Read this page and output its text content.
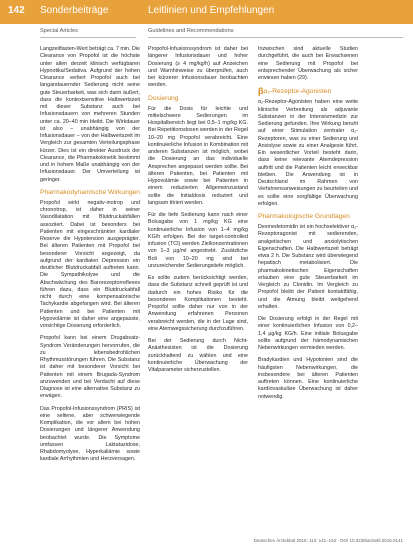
142 Sonderbeiträge	Leitlinien und Empfehlungen
Special Articles	Guidelines and Recommendations

Langzeitfasten-Wert beträgt ca. 7 min. Die Clearance von Propofol ist die höchste unter allen derzeit klinisch verfügbaren Hypnotika/Sedativa. Aufgrund der hohen Clearance verliert Propofol auch bei langandauernder Sedierung nicht seine gute Steuerbarkeit, was sich darin äußert, dass die kontextsensitive Halbwertszeit mit dieser Substanz auch bei Infusionsdauern von mehreren Stunden unter ca. 20–40 min bleibt. Die Wirkdauer ist also – unabhängig von der Infusionsdauer – von der Halbwertszeit im Vergleich zur gesamten Verteilungsphase kürzer. Dies ist ein direkter Ausdruck der Clearance, die Pharmakokinetik bestimmt und in hohem Maße unabhängig von der Infusionsdauer. Der Umverteilung ist geringer.

Pharmakodynamische Wirkungen

Propofol wirkt negativ-inotrop und chronotrop, ist daher in seiner Vasodilatation mit Blutdruckabfällen assoziiert. Dabei ist besonders bei Patienten mit eingeschränkter kardialer Reserve die Hypotension ausgeprägter. Bei älteren Patienten mit Propofol bei besonderer Vorsicht angezeigt, da aufgrund der kardialen Depression ein deutlicher Blutdruckabfall auftreten kann. Die Sympathikolyse und die Abschwächung des Barorezeptorreflexes führen dazu, dass ein Blutdruckabfall nicht durch eine kompensatorische Tachykardie abgefangen wird. Bei älteren Patienten und bei Patienten mit Hypovolämie ist daher eine angepasste, vorsichtige Dosierung erforderlich.

Propofol kann bei einem Drugabsatz-Syndrom Veränderungen hervorrufen, die zu lebensbedrohlichen Rhythmusstörungen führen. Die Substanz ist daher mit besonderer Vorsicht bei Patienten mit einem Brugada-Syndrom anzuwenden und bei Verdacht auf diese Diagnose ist eine alternative Substanz zu erwägen.

Das Propofol-Infusionssyndrom (PRIS) ist eine seltene, aber schwerwiegende Komplikation, die vor allem bei hohen Dosierungen und längerer Anwendung beobachtet wurde. Die Symptome umfassen Laktatazidose, Rhabdomyolyse, Hyperkaliämie sowie kardiale Arrhythmien und Herzversagen.

Propofol-Infusionssyndrom ist daher bei längerer Infusionsdauer und hoher Dosierung (≥ 4 mg/kg/h) auf Anzeichen und Warnhinweise zu überprüfen, auch bei kürzerer Infusionsdauer beobachten werden.

Dosierung

Für die Dosis für leichte und mittelschwere Sedierungen im Hospitalbereich liegt bei 0,5–1 mg/kg KG. Bei Repetitionsdosen werden in der Regel 10–20 mg Propofol verabreicht. Eine kontinuierliche Infusion in Kombination mit anderen Substanzen ist möglich, wobei die Dosierung an das individuelle Ansprechen angepasst werden sollte. Bei älteren Patienten, bei Patienten mit Hypovolämie sowie bei Patienten in einem reduzierten Allgemeinzustand sollte die Initialdosis reduziert und langsam titriert werden.

Für die tiefe Sedierung kann nach einer Bolusgabe von 1 mg/kg KG eine kontinuierliche Infusion von 1–4 mg/kg KG/h erfolgen. Bei der target-controlled infusion (TCI) werden Zielkonzentrationen von 1–3 µg/ml angestrebt. Zusätzliche Boli von 10–20 mg sind bei unzureichender Sedierungstiefe möglich.

Es sollte zudem berücksichtigt werden, dass die Substanz schnell geprüft ist und dadurch ein hohes Risiko für die besonderen Komplikationen besteht. Propofol sollte daher nur von in der Anwendung erfahrenen Personen verabreicht werden, die in der Lage sind, eine Atemwegssicherung durchzuführen.

Bei der Sedierung durch Nicht-Anästhesisten ist die Dosierung zurückhaltend zu wählen und eine kontinuierliche Überwachung der Vitalparameter sicherzustellen.

Inzwischen sind aktuelle Studien durchgeführt, die auch bei Erwachsenen eine Sedierung mit Propofol bei entsprechender Überwachung als sicher erwiesen haben (29).

βα₂-Rezeptor-Agonisten

α₂-Rezeptor-Agonisten haben eine weite klinische Verbreitung als adjuvante Substanzen in der Intensivmedizin zur Sedierung gefunden. Ihre Wirkung beruht auf einer Stimulation zentraler α₂-Rezeptoren, was zu einer Sedierung und Anxiolyse sowie zu einer Analgesie führt. Ein wesentlicher Vorteil besteht darin, dass keine relevante Atemdepression auftritt und die Patienten leicht erweckbar bleiben. Die Anwendung ist in Deutschland im Rahmen von Verfahrensanweisungen zu beurteilen und es sollte eine sorgfältige Überwachung erfolgen.

Pharmakologische Grundlagen

Dexmedetomidin ist ein hochselektiver α₂-Rezeptoragonist mit sedierenden, analgetischen und anxiolytischen Eigenschaften. Die Halbwertszeit beträgt etwa 2 h. Die Substanz wird überwiegend hepatisch metabolisiert. Die pharmakokinetischen Eigenschaften erlauben eine gute Steuerbarkeit im Vergleich zu Clonidin. Im Vergleich zu Propofol bleibt der Patient kontaktfähig, und die Atmung bleibt weitgehend erhalten.

Die Dosierung erfolgt in der Regel mit einer kontinuierlichen Infusion von 0,2–1,4 µg/kg KG/h. Eine initiale Bolusgabe sollte aufgrund der hämodynamischen Nebenwirkungen vermieden werden.

Bradykardien und Hypotonien sind die häufigsten Nebenwirkungen, die insbesondere bei älteren Patienten auftreten können. Eine kontinuierliche kardiovaskuläre Überwachung ist daher notwendig.

Deutsches Ärzteblatt 2016; 113: 141–152 · DOI 10.3238/arztebl.2016.0141
